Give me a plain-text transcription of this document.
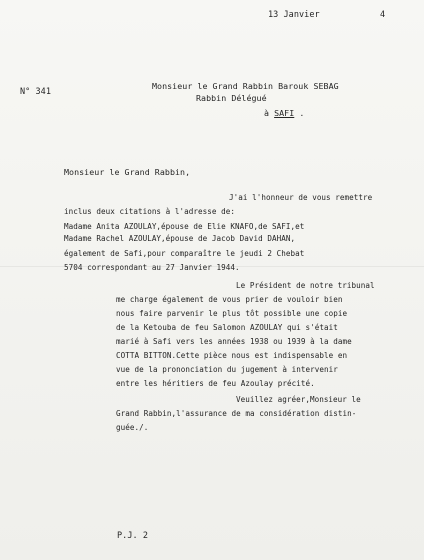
13 Janvier	4
N° 341
Monsieur le Grand Rabbin Barouk SEBAG
Rabbin Délégué
à SAFI .
Monsieur le Grand Rabbin,
J'ai l'honneur de vous remettre
inclus deux citations à l'adresse de:
Madame Anita AZOULAY,épouse de Elie KNAFO,de SAFI,et
Madame Rachel AZOULAY,épouse de Jacob David DAHAN,
également de Safi,pour comparaître le jeudi 2 Chebat
5704 correspondant au 27 Janvier 1944.
Le Président de notre tribunal
me charge également de vous prier de vouloir bien
nous faire parvenir le plus tôt possible une copie
de la Ketouba de feu Salomon AZOULAY qui s'était
marié à Safi vers les années 1938 ou 1939 à la dame
COTTA BITTON.Cette pièce nous est indispensable en
vue de la prononciation du jugement à intervenir
entre les héritiers de feu Azoulay précité.
Veuillez agréer,Monsieur le
Grand Rabbin,l'assurance de ma considération distin-
guée./.
P.J. 2
